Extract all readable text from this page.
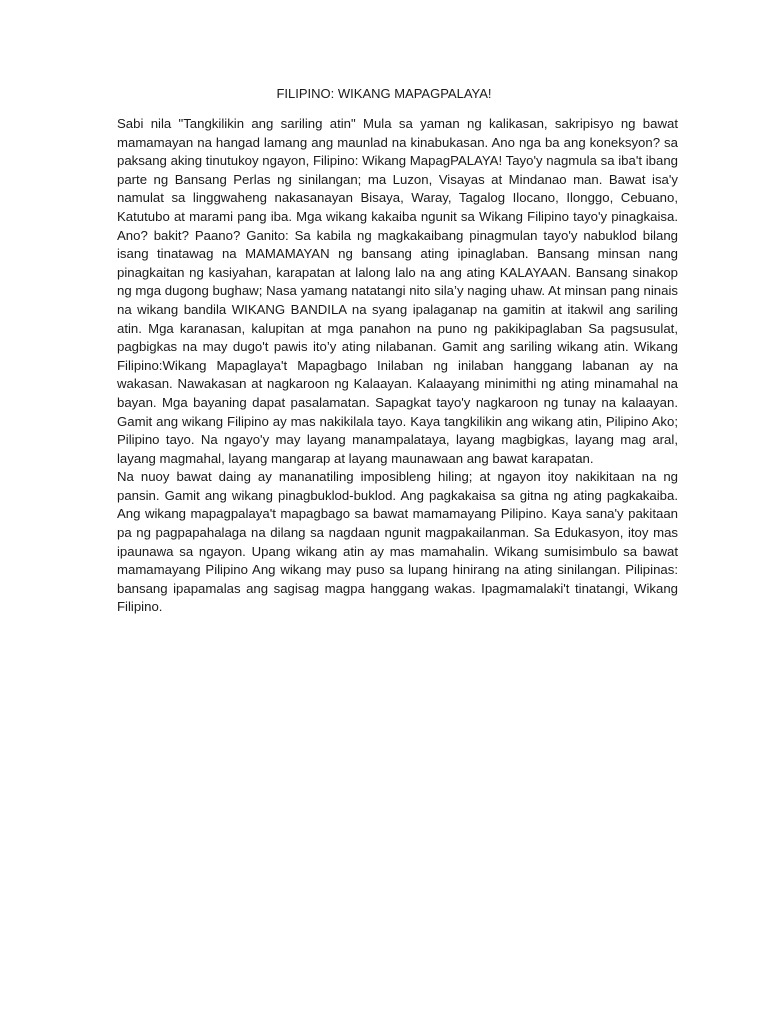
FILIPINO: WIKANG MAPAGPALAYA!

Sabi nila "Tangkilikin ang sariling atin" Mula sa yaman ng kalikasan, sakripisyo ng bawat mamamayan na hangad lamang ang maunlad na kinabukasan. Ano nga ba ang koneksyon? sa paksang aking tinutukoy ngayon, Filipino: Wikang MapagPALAYA! Tayo'y nagmula sa iba't ibang parte ng Bansang Perlas ng sinilangan; ma Luzon, Visayas at Mindanao man. Bawat isa'y namulat sa linggwaheng nakasanayan Bisaya, Waray, Tagalog Ilocano, Ilonggo, Cebuano, Katutubo at marami pang iba. Mga wikang kakaiba ngunit sa Wikang Filipino tayo'y pinagkaisa. Ano? bakit? Paano? Ganito: Sa kabila ng magkakaibang pinagmulan tayo'y nabuklod bilang isang tinatawag na MAMAMAYAN ng bansang ating ipinaglaban. Bansang minsan nang pinagkaitan ng kasiyahan, karapatan at lalong lalo na ang ating KALAYAAN. Bansang sinakop ng mga dugong bughaw; Nasa yamang natatangi nito sila’y naging uhaw. At minsan pang ninais na wikang bandila WIKANG BANDILA na syang ipalaganap na gamitin at itakwil ang sariling atin. Mga karanasan, kalupitan at mga panahon na puno ng pakikipaglaban Sa pagsusulat, pagbigkas na may dugo't pawis ito’y ating nilabanan. Gamit ang sariling wikang atin. Wikang Filipino:Wikang Mapaglaya't Mapagbago Inilaban ng inilaban hanggang labanan ay na wakasan. Nawakasan at nagkaroon ng Kalaayan. Kalaayang minimithi ng ating minamahal na bayan. Mga bayaning dapat pasalamatan. Sapagkat tayo'y nagkaroon ng tunay na kalaayan. Gamit ang wikang Filipino ay mas nakikilala tayo. Kaya tangkilikin ang wikang atin, Pilipino Ako; Pilipino tayo. Na ngayo'y may layang manampalataya, layang magbigkas, layang mag aral, layang magmahal, layang mangarap at layang maunawaan ang bawat karapatan.
Na nuoy bawat daing ay mananatiling imposibleng hiling; at ngayon itoy nakikitaan na ng pansin. Gamit ang wikang pinagbuklod-buklod. Ang pagkakaisa sa gitna ng ating pagkakaiba. Ang wikang mapagpalaya't mapagbago sa bawat mamamayang Pilipino. Kaya sana'y pakitaan pa ng pagpapahalaga na dilang sa nagdaan ngunit magpakailanman. Sa Edukasyon, itoy mas ipaunawa sa ngayon. Upang wikang atin ay mas mamahalin. Wikang sumisimbulo sa bawat mamamayang Pilipino Ang wikang may puso sa lupang hinirang na ating sinilangan. Pilipinas: bansang ipapamalas ang sagisag magpa hanggang wakas. Ipagmamalaki't tinatangi, Wikang Filipino.
